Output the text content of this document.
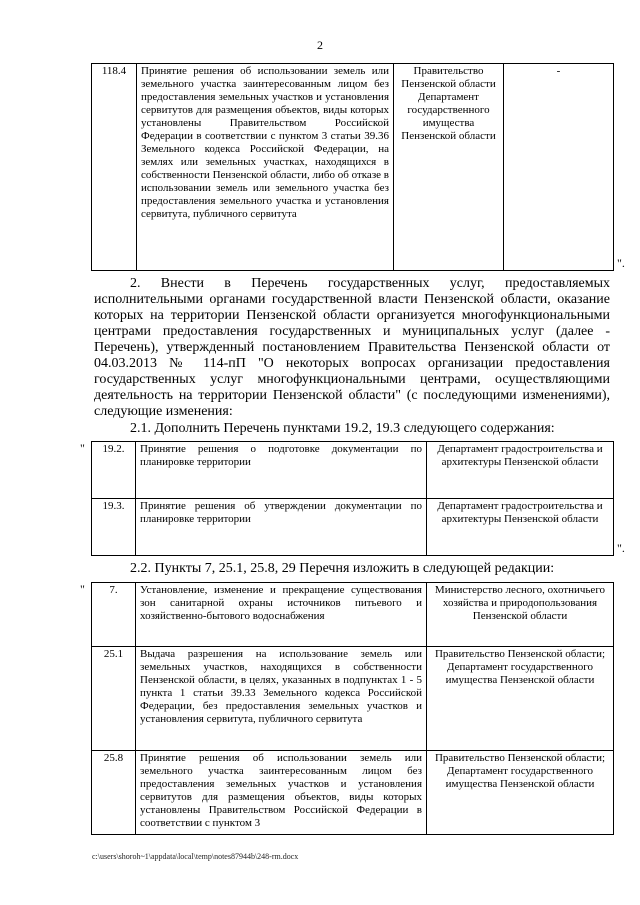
2
118.4	Принятие решения об использовании земель или земельного участка заинтересованным лицом без предоставления земельных участков и установления сервитутов для размещения объектов, виды которых установлены Правительством Российской Федерации в соответствии с пунктом 3 статьи 39.36 Земельного кодекса Российской Федерации, на землях или земельных участках, находящихся в собственности Пензенской области, либо об отказе в использовании земель или земельного участка без предоставления земельного участка и установления сервитута, публичного сервитута	Правительство Пензенской области Департамент государственного имущества Пензенской области	-
".

2. Внести в Перечень государственных услуг, предоставляемых исполнительными органами государственной власти Пензенской области, оказание которых на территории Пензенской области организуется многофункциональными центрами предоставления государственных и муниципальных услуг (далее - Перечень), утвержденный постановлением Правительства Пензенской области от 04.03.2013 № 114-пП "О некоторых вопросах организации предоставления государственных услуг многофункциональными центрами, осуществляющими деятельность на территории Пензенской области" (с последующими изменениями), следующие изменения:

2.1. Дополнить Перечень пунктами 19.2, 19.3 следующего содержания:

" 19.2.	Принятие решения о подготовке документации по планировке территории	Департамент градостроительства и архитектуры Пензенской области
19.3.	Принятие решения об утверждении документации по планировке территории	Департамент градостроительства и архитектуры Пензенской области
".

2.2. Пункты 7, 25.1, 25.8, 29 Перечня изложить в следующей редакции:

" 7.	Установление, изменение и прекращение существования зон санитарной охраны источников питьевого и хозяйственно-бытового водоснабжения	Министерство лесного, охотничьего хозяйства и природопользования Пензенской области
25.1	Выдача разрешения на использование земель или земельных участков, находящихся в собственности Пензенской области, в целях, указанных в подпунктах 1 - 5 пункта 1 статьи 39.33 Земельного кодекса Российской Федерации, без предоставления земельных участков и установления сервитута, публичного сервитута	Правительство Пензенской области; Департамент государственного имущества Пензенской области
25.8	Принятие решения об использовании земель или земельного участка заинтересованным лицом без предоставления земельных участков и установления сервитутов для размещения объектов, виды которых установлены Правительством Российской Федерации в соответствии с пунктом 3	Правительство Пензенской области; Департамент государственного имущества Пензенской области
c:\users\shoroh~1\appdata\local\temp\notes87944b\248-rm.docx
